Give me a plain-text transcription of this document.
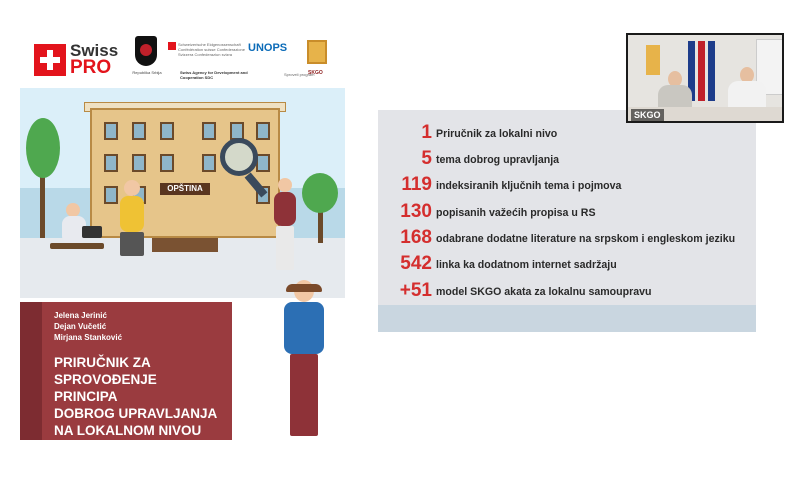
Swiss
PRO	Republika Srbija
Schweizerische Eidgenossenschaft Confédération suisse Confederazione Svizzera Confederaziun svizra
Swiss Agency for Development and Cooperation SDC
UNOPS
Sproveli program
SKGO
OPŠTINA
Jelena Jerinić
Dejan Vučetić
Mirjana Stanković
PRIRUČNIK ZA
SPROVOĐENJE PRINCIPA
DOBROG UPRAVLJANJA
NA LOKALNOM NIVOU
1 Priručnik za lokalni nivo
5 tema dobrog upravljanja
119 indeksiranih ključnih tema i pojmova
130 popisanih važećih propisa u RS
168 odabrane dodatne literature na srpskom i engleskom jeziku
542 linka ka dodatnom internet sadržaju
+51 model SKGO akata za lokalnu samoupravu
SKGO
